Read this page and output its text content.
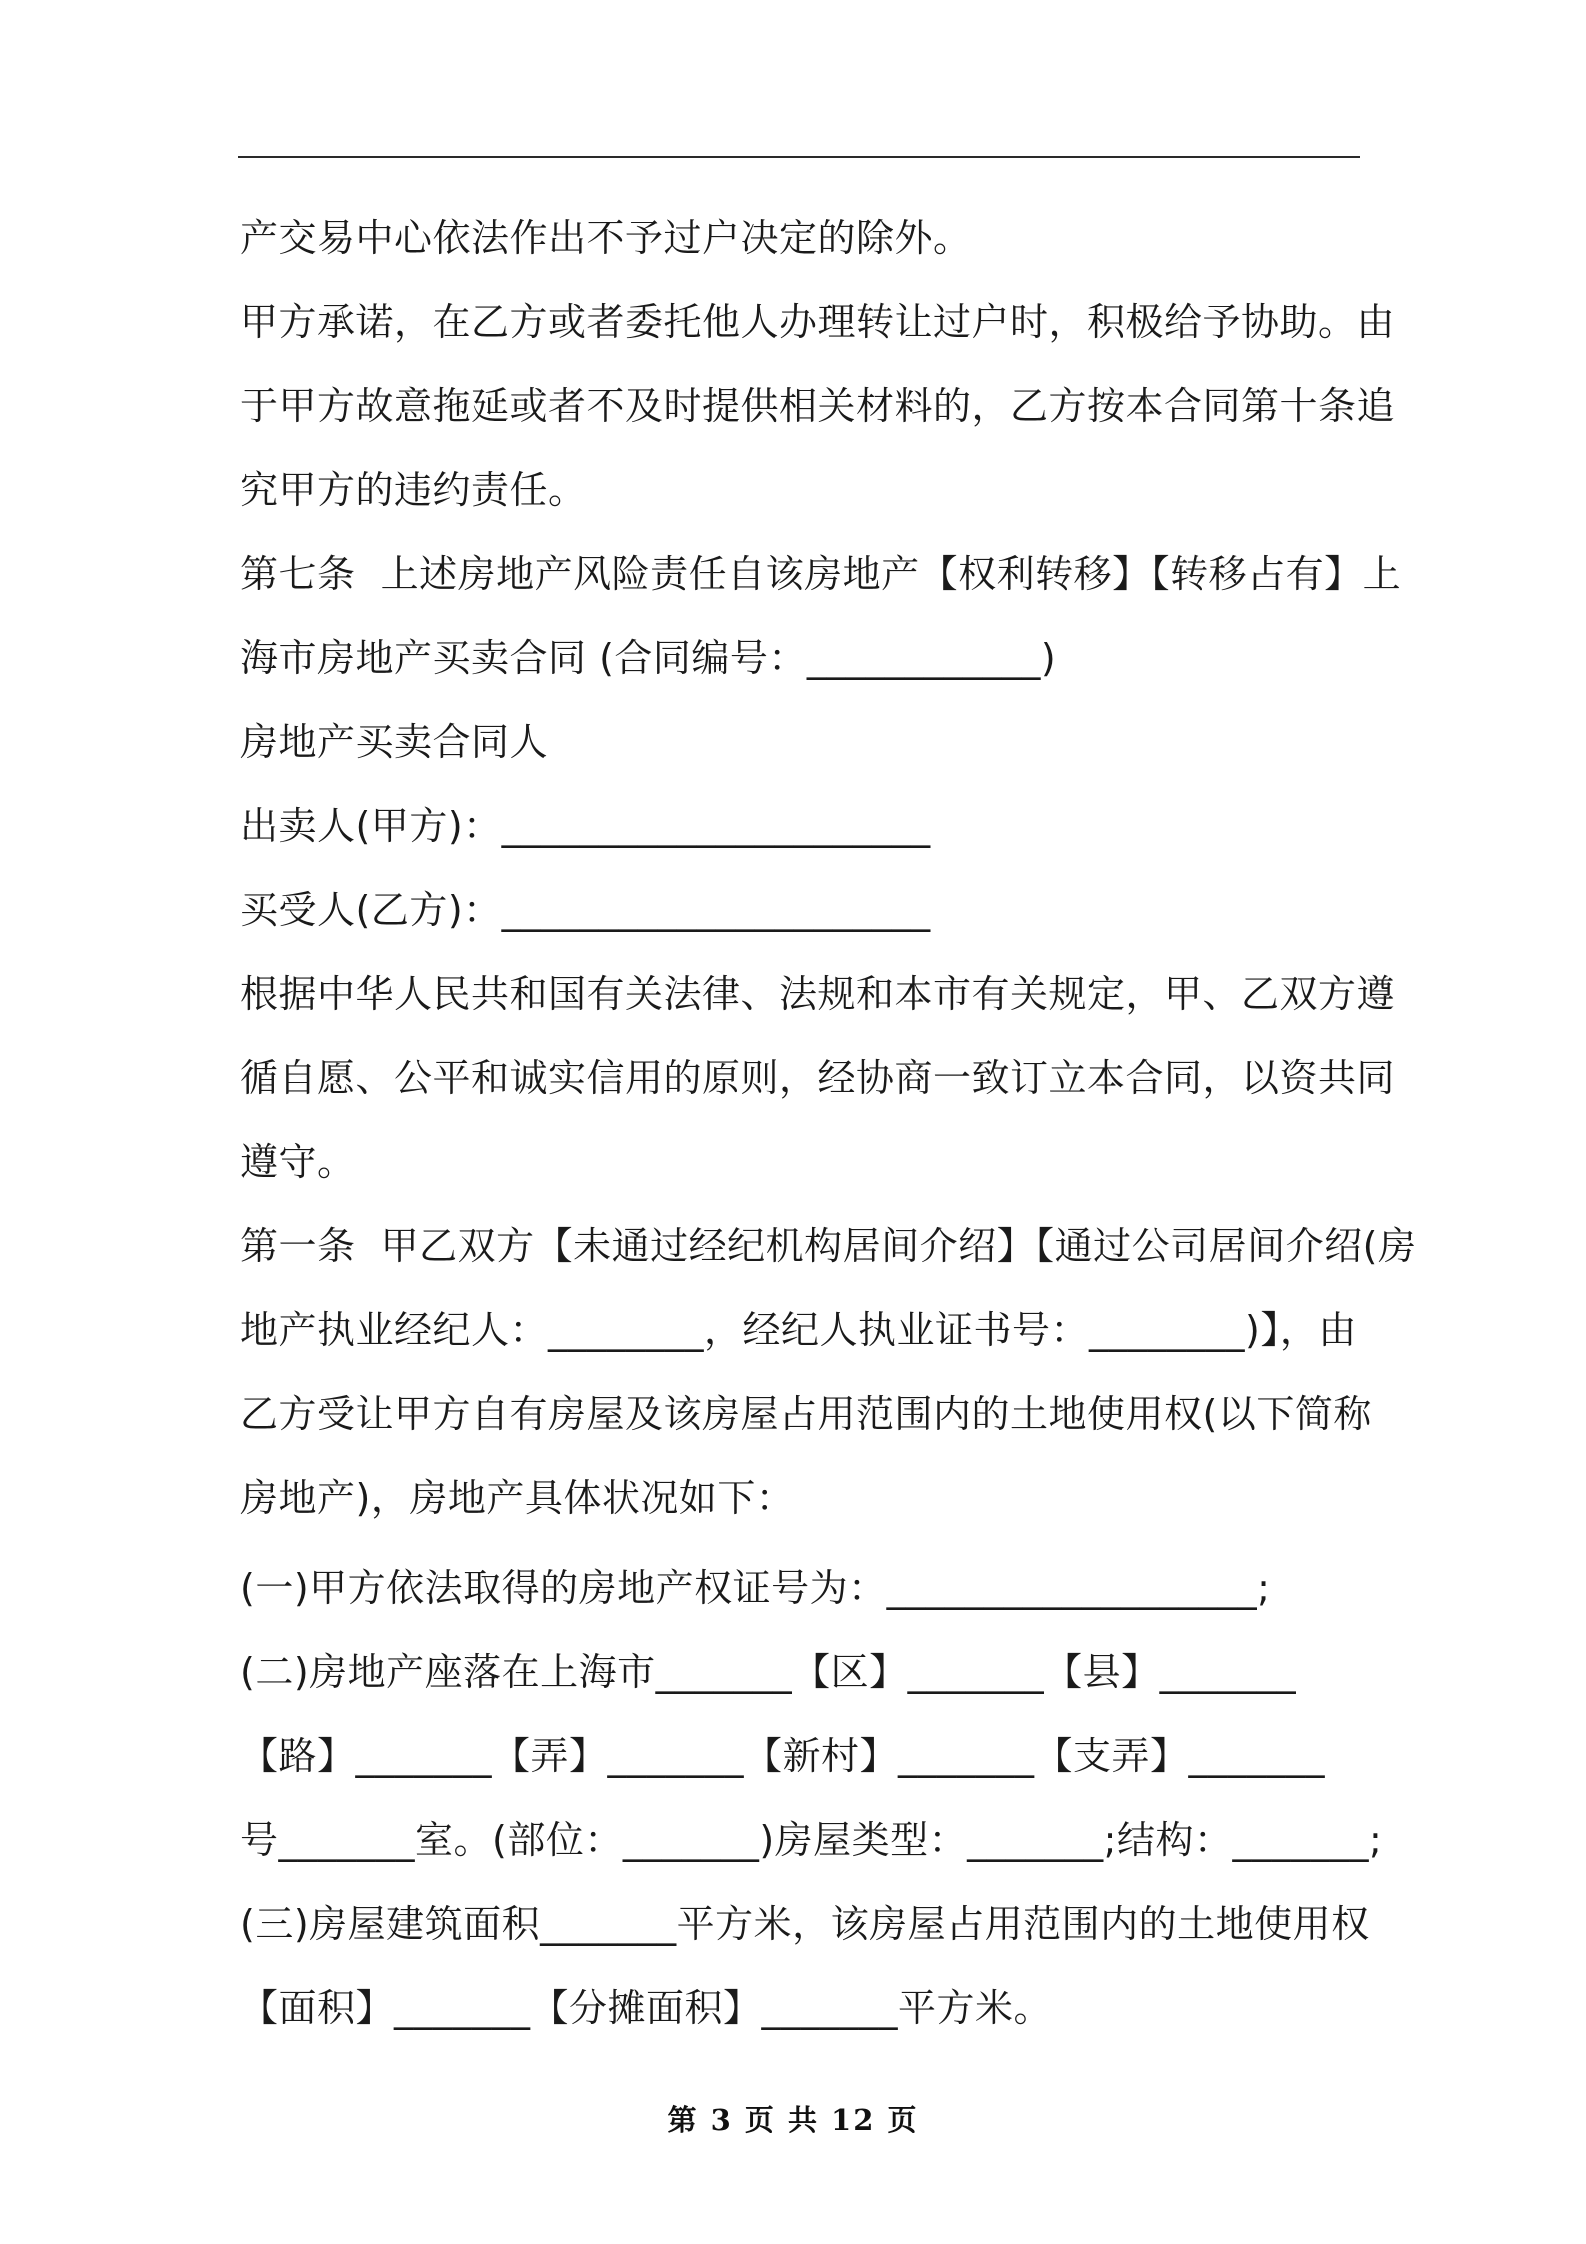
产交易中心依法作出不予过户决定的除外。
甲方承诺，在乙方或者委托他人办理转让过户时，积极给予协助。由
于甲方故意拖延或者不及时提供相关材料的，乙方按本合同第十条追
究甲方的违约责任。
第七条  上述房地产风险责任自该房地产【权利转移】【转移占有】上
海市房地产买卖合同 (合同编号：____________)
房地产买卖合同人
出卖人(甲方)：______________________
买受人(乙方)：______________________
根据中华人民共和国有关法律、法规和本市有关规定，甲、乙双方遵
循自愿、公平和诚实信用的原则，经协商一致订立本合同，以资共同
遵守。
第一条  甲乙双方【未通过经纪机构居间介绍】【通过公司居间介绍(房
地产执业经纪人：________，经纪人执业证书号：________)】，由
乙方受让甲方自有房屋及该房屋占用范围内的土地使用权(以下简称
房地产)，房地产具体状况如下：
(一)甲方依法取得的房地产权证号为：___________________;
(二)房地产座落在上海市_______【区】_______【县】_______
【路】_______【弄】_______【新村】_______【支弄】_______
号_______室。(部位：_______)房屋类型：_______;结构：_______;
(三)房屋建筑面积_______平方米，该房屋占用范围内的土地使用权
【面积】_______【分摊面积】_______平方米。
第 3 页 共 12 页
